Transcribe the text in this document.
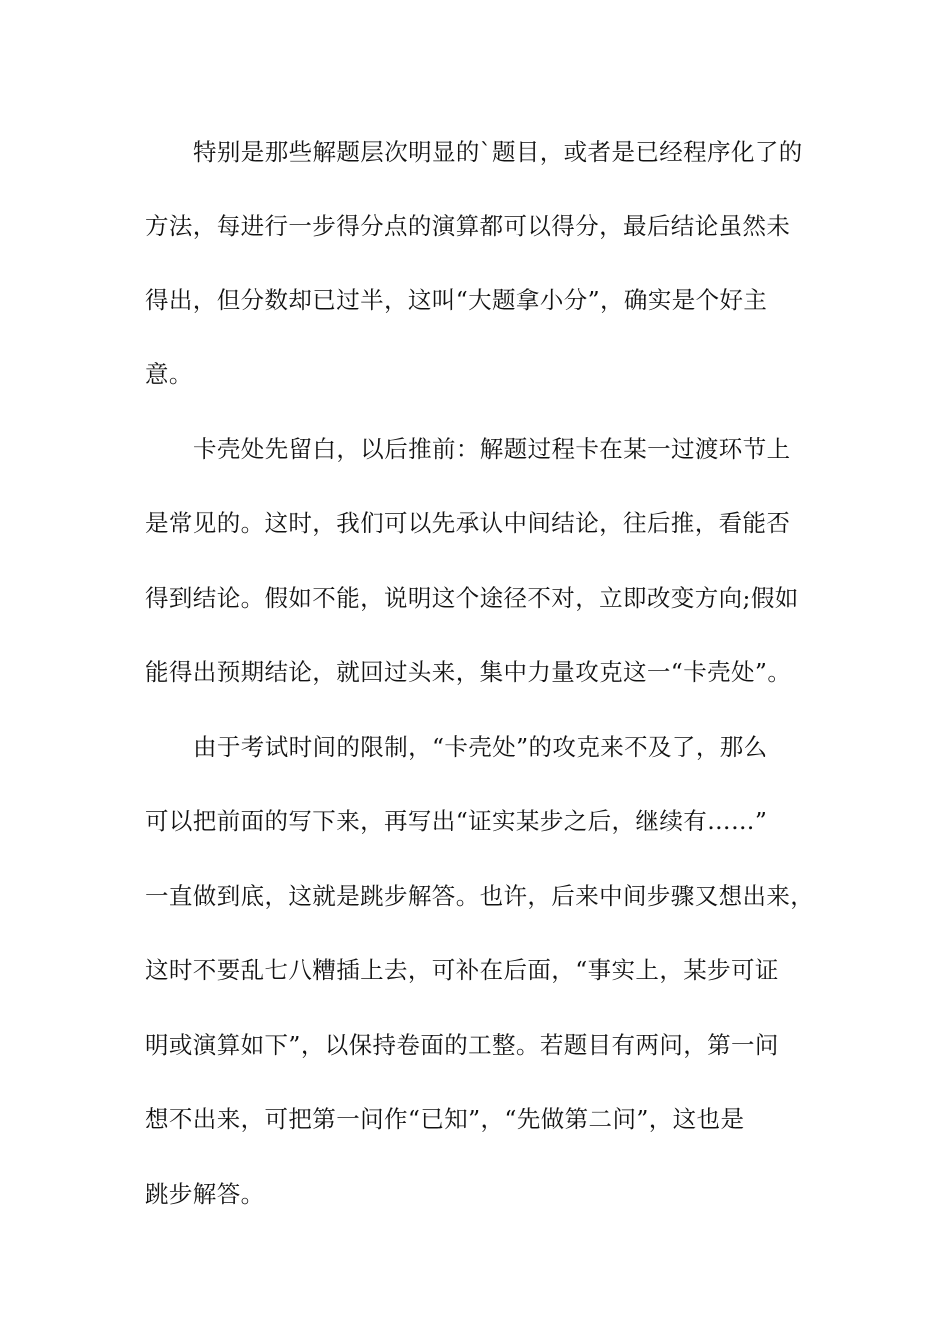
特别是那些解题层次明显的`题目，或者是已经程序化了的
方法，每进行一步得分点的演算都可以得分，最后结论虽然未
得出，但分数却已过半，这叫“大题拿小分”，确实是个好主
意。
卡壳处先留白，以后推前：解题过程卡在某一过渡环节上
是常见的。这时，我们可以先承认中间结论，往后推，看能否
得到结论。假如不能，说明这个途径不对，立即改变方向;假如
能得出预期结论，就回过头来，集中力量攻克这一“卡壳处”。
由于考试时间的限制，“卡壳处”的攻克来不及了，那么
可以把前面的写下来，再写出“证实某步之后，继续有……”
一直做到底，这就是跳步解答。也许，后来中间步骤又想出来，
这时不要乱七八糟插上去，可补在后面，“事实上，某步可证
明或演算如下”，以保持卷面的工整。若题目有两问，第一问
想不出来，可把第一问作“已知”，“先做第二问”，这也是
跳步解答。
